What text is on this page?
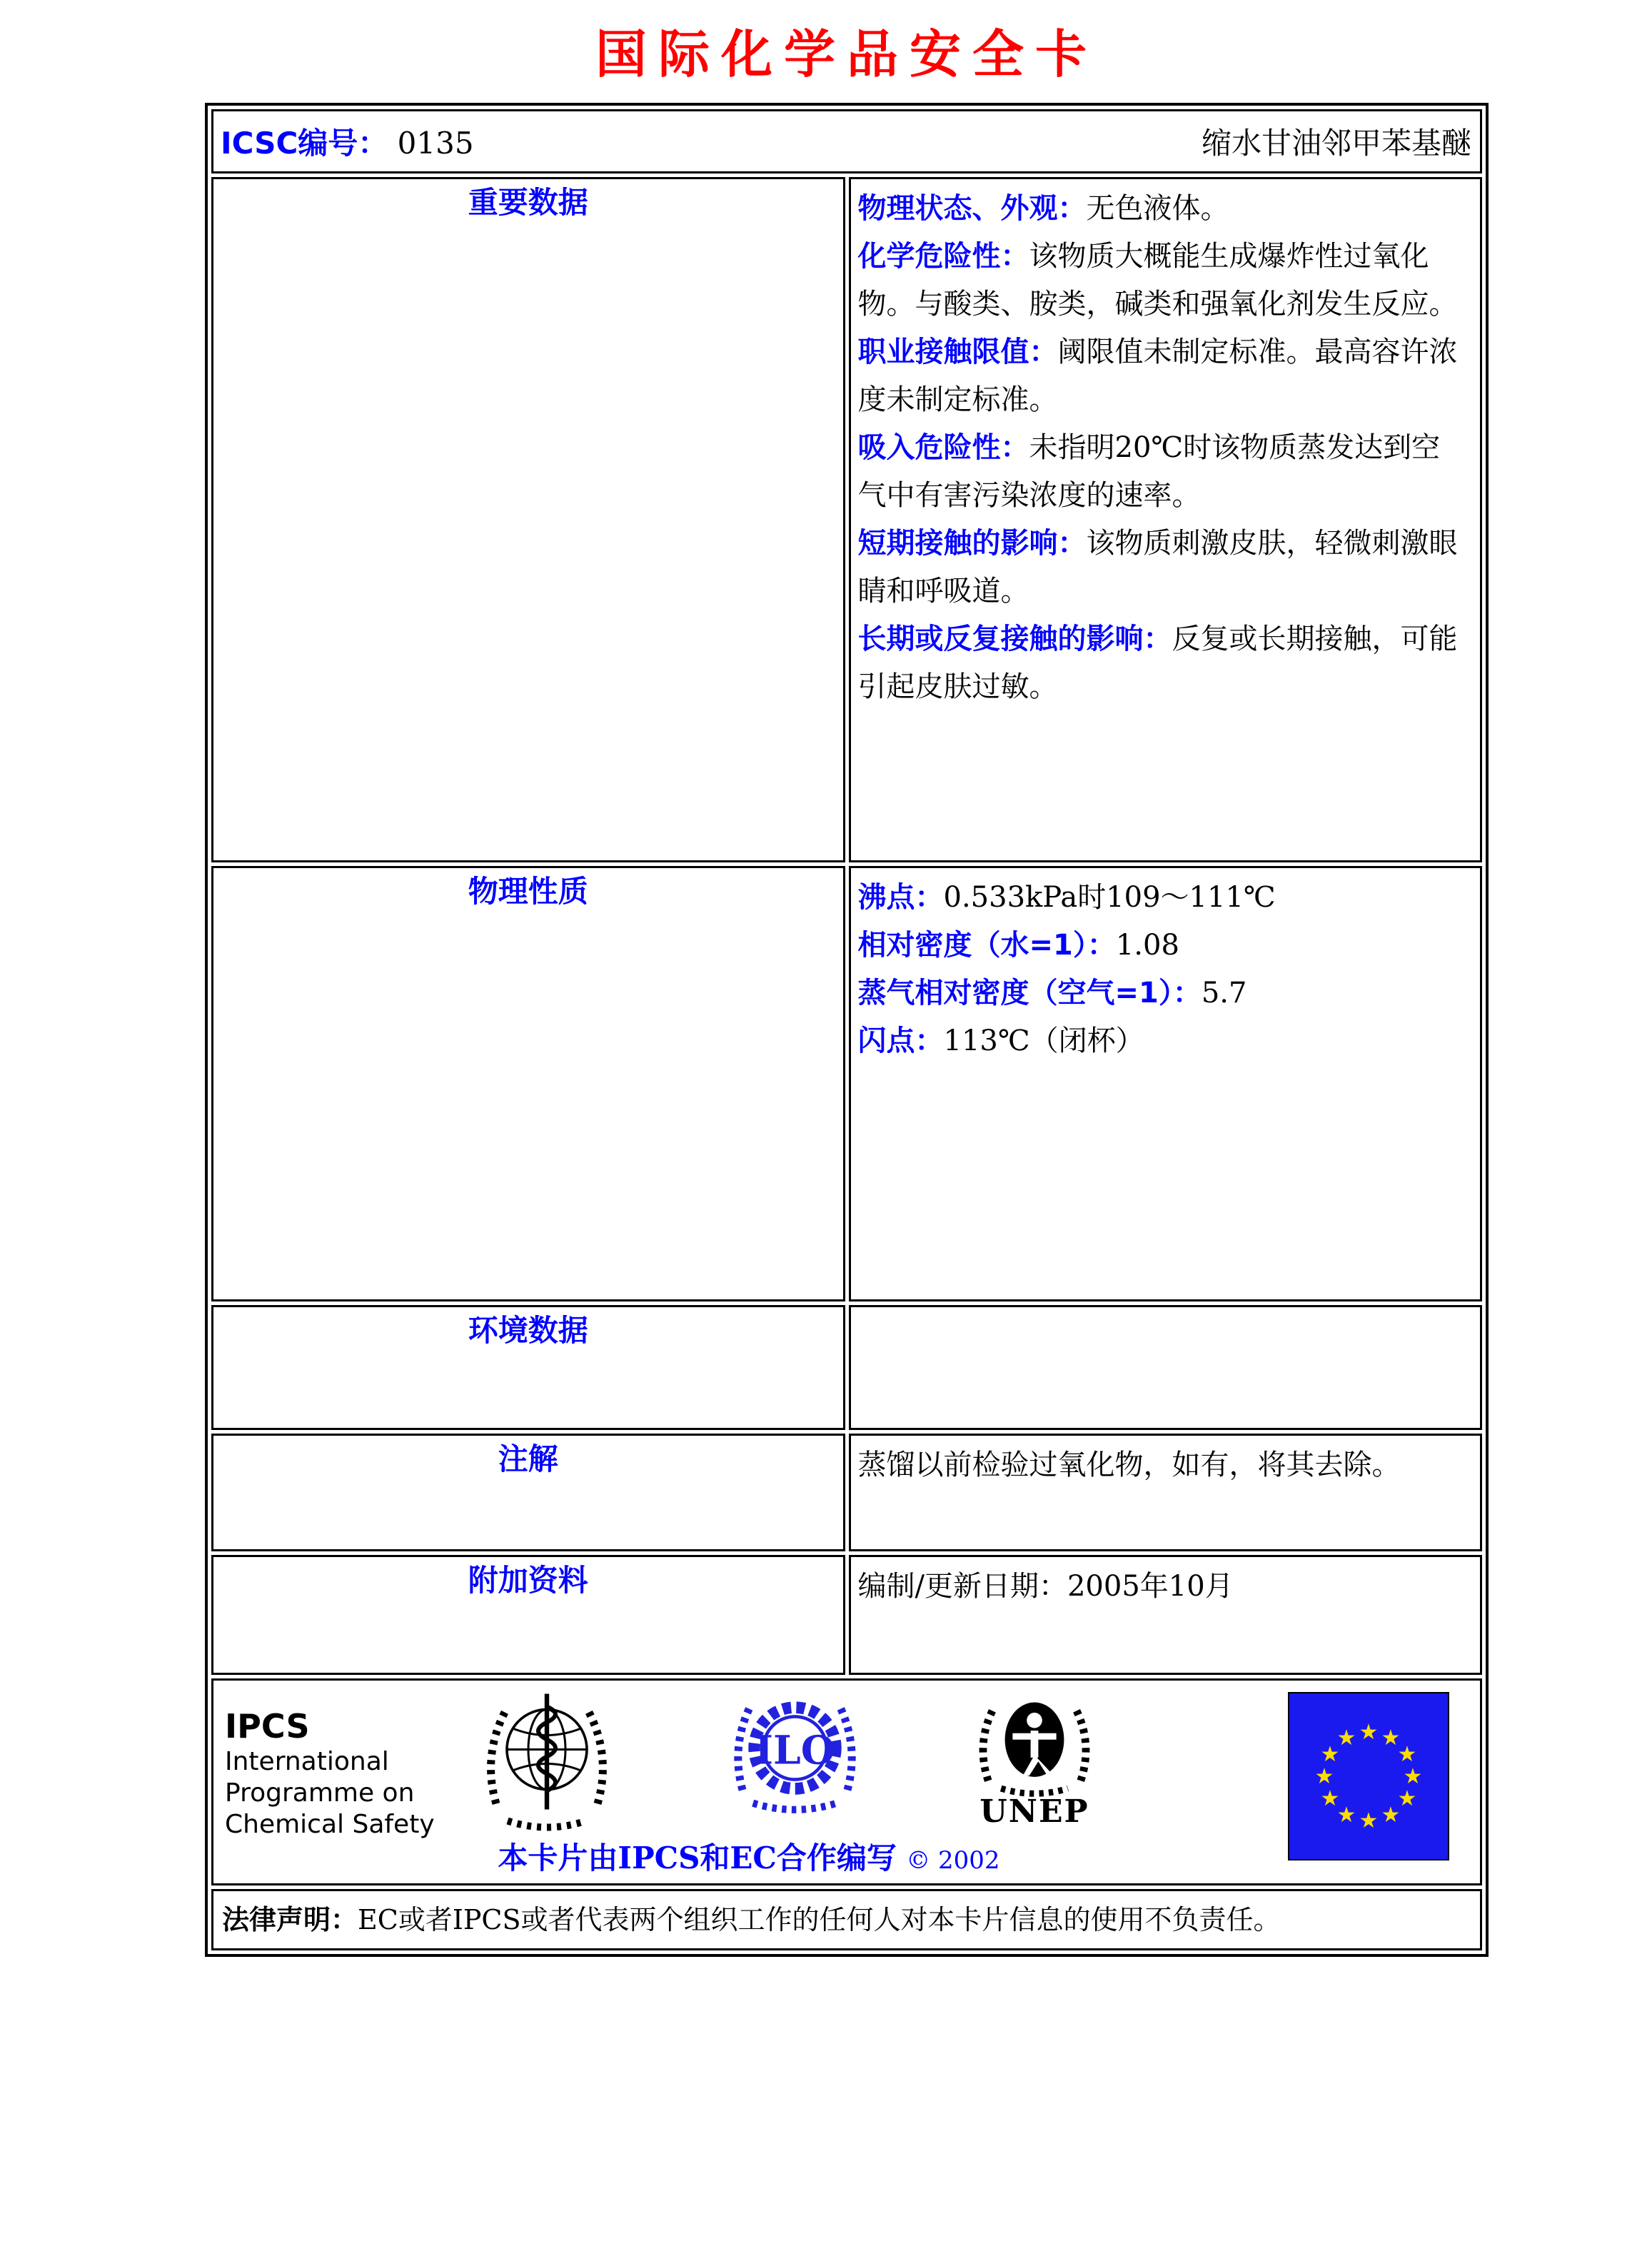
国际化学品安全卡
ICSC编号： 0135 缩水甘油邻甲苯基醚	

重要数据	物理状态、外观：无色液体。

化学危险性：该物质大概能生成爆炸性过氧化物。与酸类、胺类，碱类和强氧化剂发生反应。

职业接触限值：阈限值未制定标准。最高容许浓度未制定标准。

吸入危险性：未指明20℃时该物质蒸发达到空气中有害污染浓度的速率。

短期接触的影响：该物质刺激皮肤，轻微刺激眼睛和呼吸道。

长期或反复接触的影响：反复或长期接触，可能引起皮肤过敏。

物理性质	沸点：0.533kPa时109～111℃

相对密度（水=1）：1.08

蒸气相对密度（空气=1）：5.7

闪点：113℃（闭杯）

环境数据	
注解	蒸馏以前检验过氧化物，如有，将其去除。

附加资料	编制/更新日期：2005年10月

IPCS
International
Programme on
Chemical Safety
ILO
UNEP
★ ★
★
★
★
★
★
★
★
★
★
★
本卡片由IPCS和EC合作编写 © 2002

法律声明：EC或者IPCS或者代表两个组织工作的任何人对本卡片信息的使用不负责任。	
